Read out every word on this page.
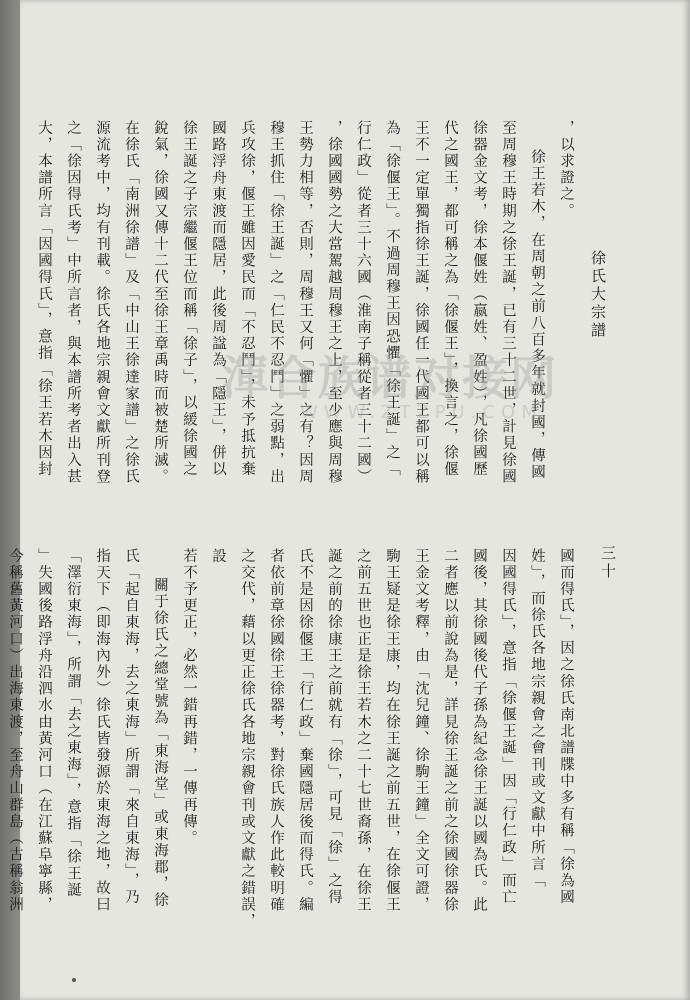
徐氏大宗譜
三十
，以求證之。
徐王若木，在周朝之前八百多年就封國，傳國
至周穆王時期之徐王誕，已有三十二世，計見徐國
徐器金文考，徐本偃姓（嬴姓、盈姓），凡徐國歷
代之國王，都可稱之為「徐偃王」，換言之，徐偃
王不一定單獨指徐王誕，徐國任一代國王都可以稱
為「徐偃王」。不過周穆王因恐懼「徐王誕」之「
行仁政」從者三十六國（淮南子稱從者三十二國）
，徐國國勢之大當駕越周穆王之上，至少應與周穆
王勢力相等，否則，周穆王又何「懼」之有？因周
穆王抓住「徐王誕」之「仁民不忍鬥」之弱點，出
兵攻徐，偃王雖因愛民而「不忍鬥」，未予抵抗棄
國路浮舟東渡而隱居，此後周諡為「隱王」，併以
徐王誕之子宗繼偃王位而稱「徐子」，以緩徐國之
銳氣，徐國又傳十二代至徐王章禹時而被楚所滅。
在徐氏「南洲徐譜」及「中山王徐達家譜」之徐氏
源流考中，均有刊載。徐氏各地宗親會文獻所刊登
之「徐因得氏考」中所言者，與本譜所考者出入甚
大，本譜所言「因國得氏」，意指「徐王若木因封
國而得氏」，因之徐氏南北譜牒中多有稱「徐為國
姓」，而徐氏各地宗親會之會刊或文獻中所言「
因國得氏」，意指「徐偃王誕」因「行仁政」而亡
國後，其徐國後代子孫為紀念徐王誕以國為氏。此
二者應以前說為是，詳見徐王誕之前之徐國徐器徐
王金文考釋，由「沈兒鐘、徐駒王鐘」全文可證，
駒王疑是徐王康，均在徐王誕之前五世，在徐偃王
之前五世也正是徐王若木之二十七世裔孫，在徐王
誕之前的徐康王之前就有「徐」，可見「徐」之得
氏不是因徐偃王「行仁政」棄國隱居後而得氏。編
者依前章徐國徐王徐器考，對徐氏族人作此較明確
之交代，藉以更正徐氏各地宗親會刊或文獻之錯誤，設
若不予更正，必然一錯再錯，一傳再傳。
關于徐氏之總堂號為「東海堂」或東海郡，徐
氏「起自東海，去之東海」所謂「來自東海」，乃
指天下（即海內外）徐氏皆發源於東海之地，故曰
「澤衍東海」，所謂「去之東海」，意指「徐王誕
」失國後路浮舟沿泗水由黃河口（在江蘇阜寧縣，
今稱舊黃河口）出海東渡，至舟山群島（古稱翁洲
渾合族谱对接网
WWW.ZTZPU.COM
